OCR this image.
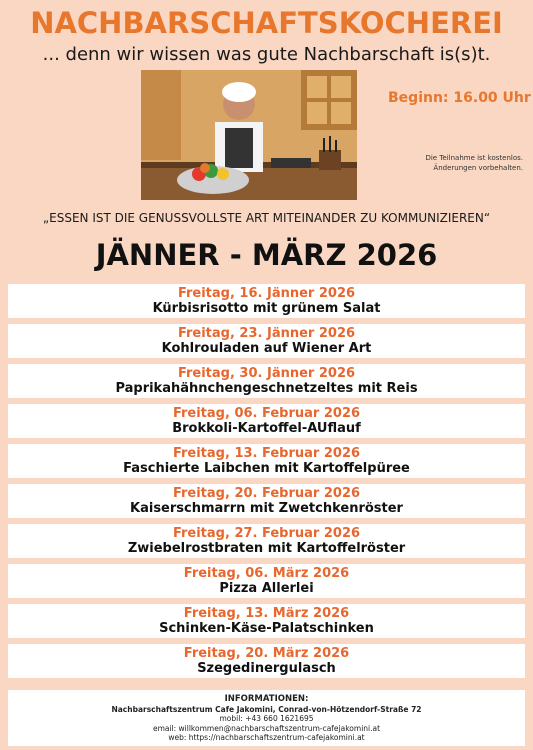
NACHBARSCHAFTSKOCHEREI
... denn wir wissen was gute Nachbarschaft is(s)t.
Beginn: 16.00 Uhr
Die Teilnahme ist kostenlos.
Änderungen vorbehalten.
„ESSEN IST DIE GENUSSVOLLSTE ART MITEINANDER ZU KOMMUNIZIEREN“
JÄNNER - MÄRZ 2026
Freitag, 16. Jänner 2026
Kürbisrisotto mit grünem Salat
Freitag, 23. Jänner 2026
Kohlrouladen auf Wiener Art
Freitag, 30. Jänner 2026
Paprikahähnchengeschnetzeltes mit Reis
Freitag, 06. Februar 2026
Brokkoli-Kartoffel-AUflauf
Freitag, 13. Februar 2026
Faschierte Laibchen mit Kartoffelpüree
Freitag, 20. Februar 2026
Kaiserschmarrn mit Zwetchkenröster
Freitag, 27. Februar 2026
Zwiebelrostbraten mit Kartoffelröster
Freitag, 06. März 2026
Pizza Allerlei
Freitag, 13. März 2026
Schinken-Käse-Palatschinken
Freitag, 20. März 2026
Szegedinergulasch
INFORMATIONEN:
Nachbarschaftszentrum Cafe Jakomini, Conrad-von-Hötzendorf-Straße 72
mobil: +43 660 1621695
email: willkommen@nachbarschaftszentrum-cafejakomini.at
web: https://nachbarschaftszentrum-cafejakomini.at
